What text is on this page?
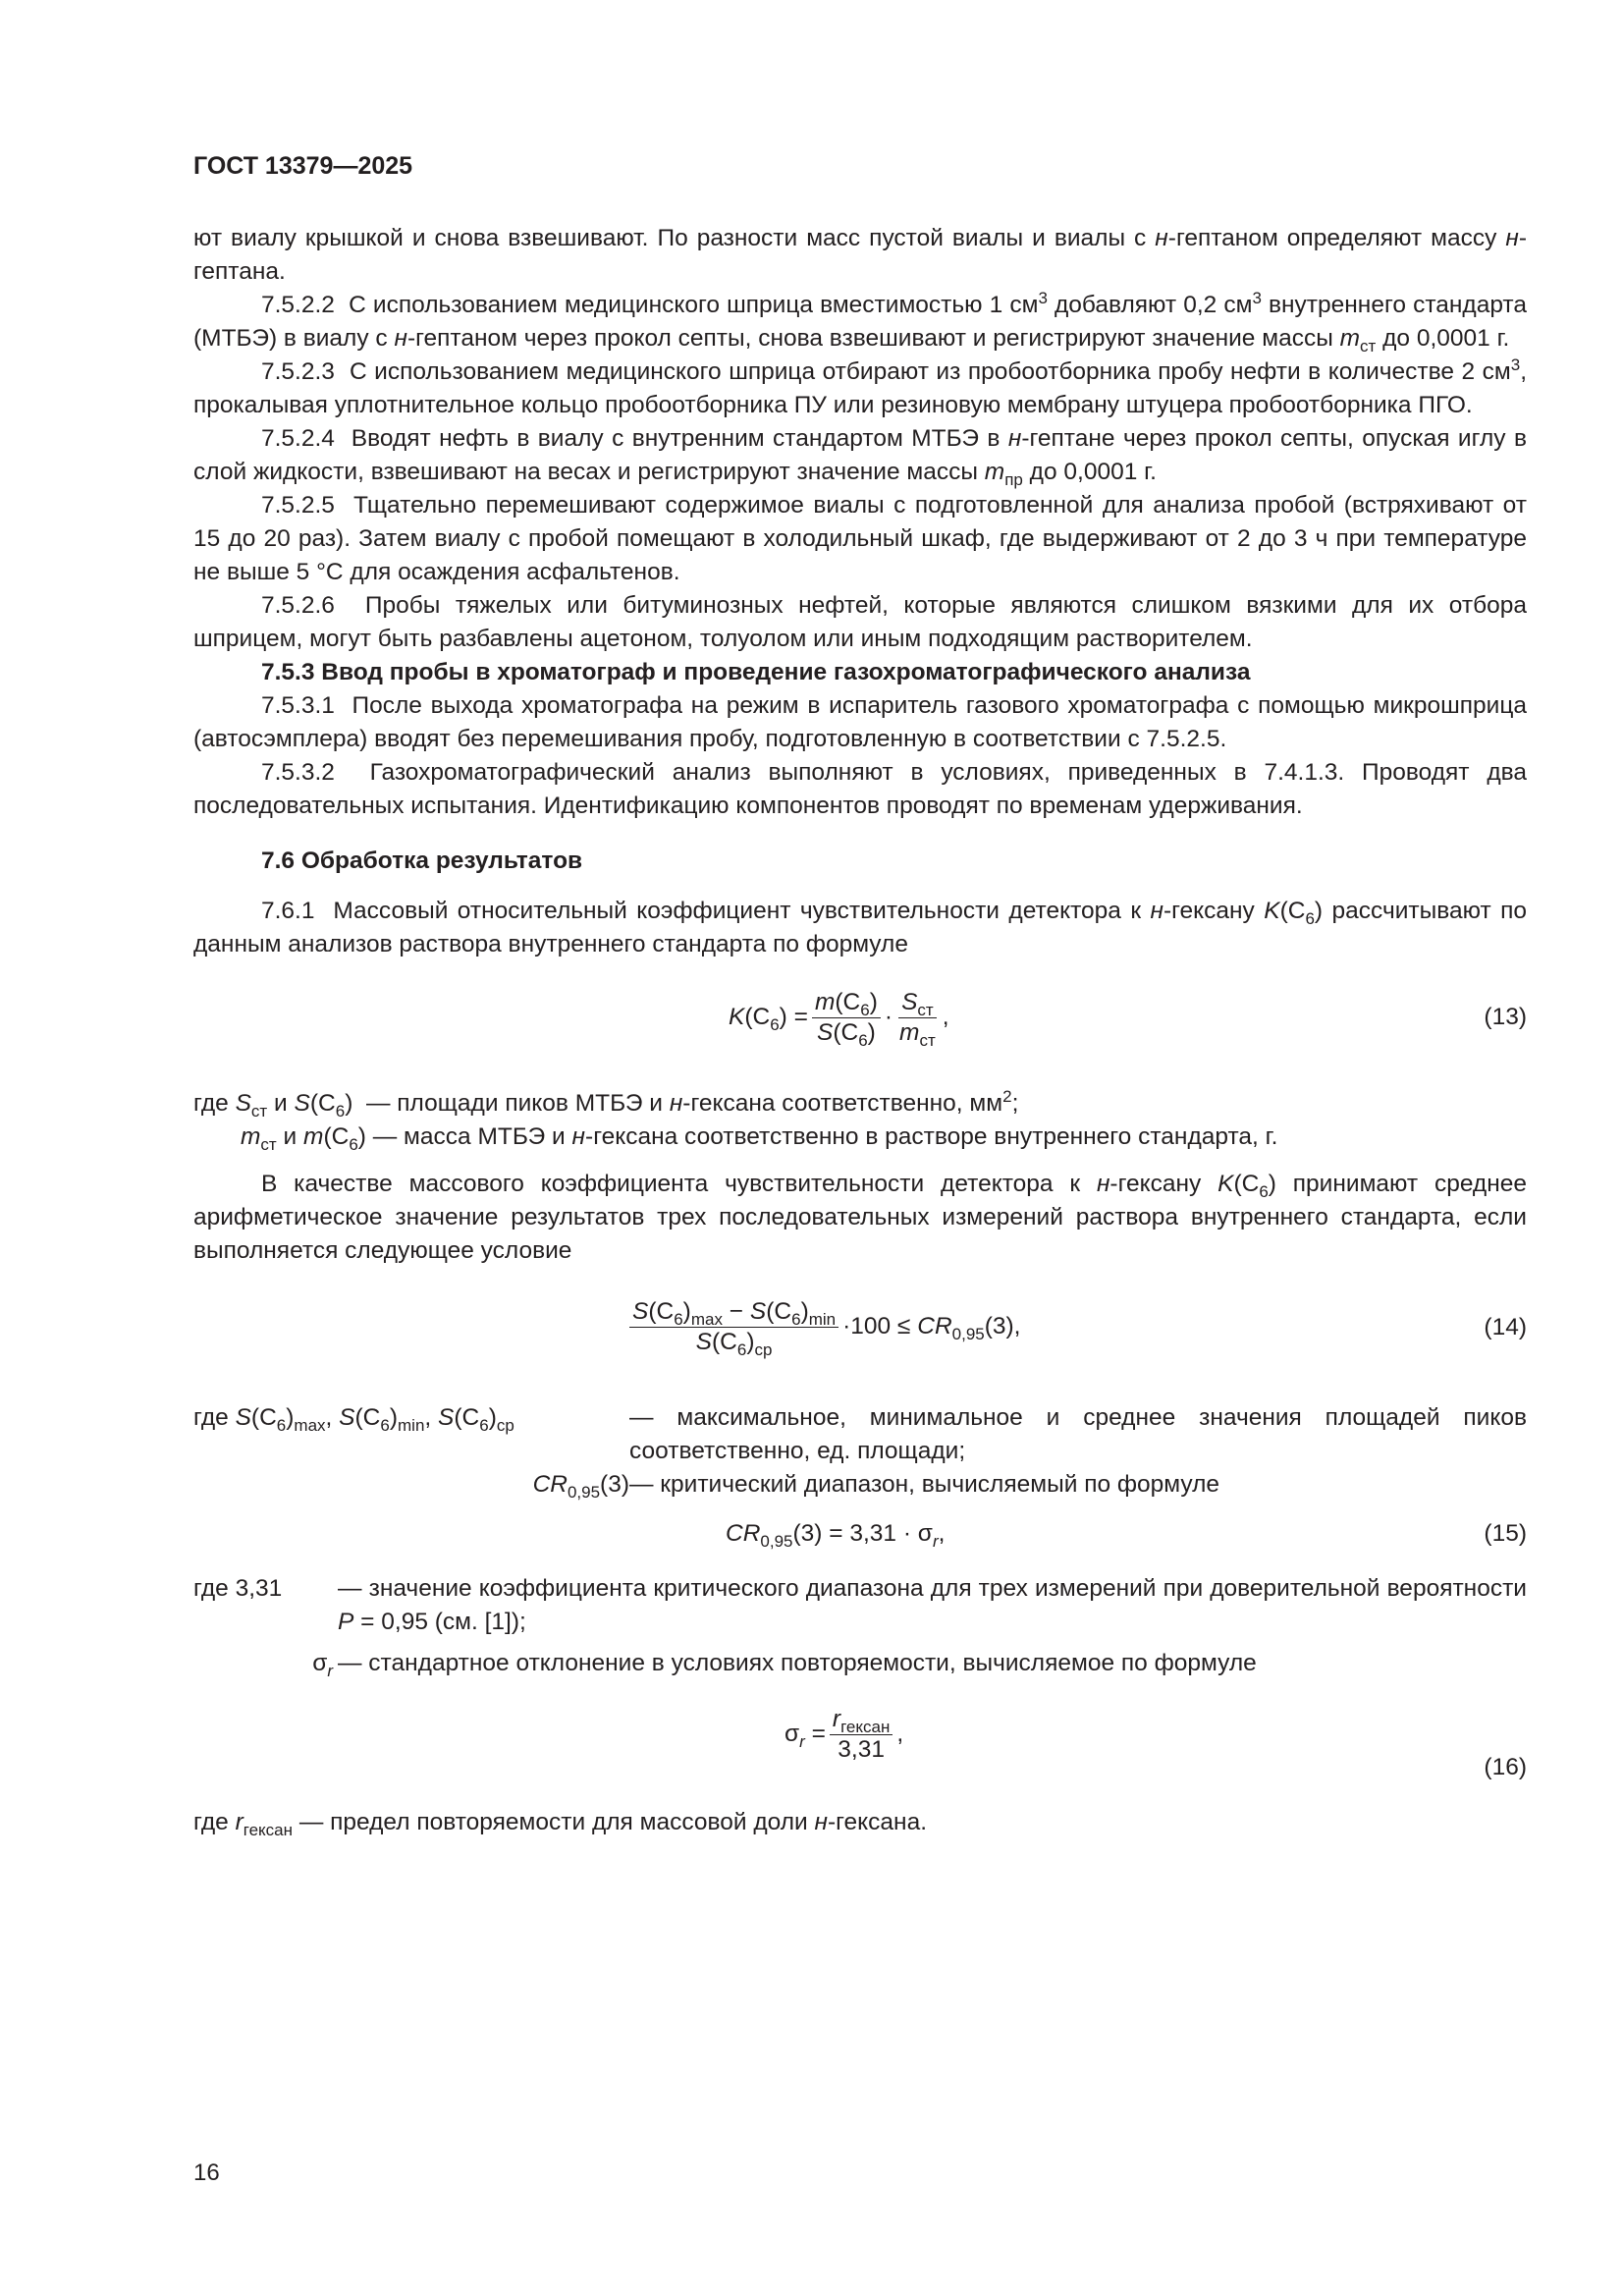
ГОСТ 13379—2025

ют виалу крышкой и снова взвешивают. По разности масс пустой виалы и виалы с н-гептаном определяют массу н-гептана.

7.5.2.2  С использованием медицинского шприца вместимостью 1 $см^3$ добавляют 0,2 $см^3$ внутреннего стандарта (МТБЭ) в виалу с н-гептаном через прокол септы, снова взвешивают и регистрируют значение массы $m_{ст}$ до 0,0001 г.

7.5.2.3  С использованием медицинского шприца отбирают из пробоотборника пробу нефти в количестве 2 $см^3$, прокалывая уплотнительное кольцо пробоотборника ПУ или резиновую мембрану штуцера пробоотборника ПГО.

7.5.2.4  Вводят нефть в виалу с внутренним стандартом МТБЭ в н-гептане через прокол септы, опуская иглу в слой жидкости, взвешивают на весах и регистрируют значение массы $m_{пр}$ до 0,0001 г.

7.5.2.5  Тщательно перемешивают содержимое виалы с подготовленной для анализа пробой (встряхивают от 15 до 20 раз). Затем виалу с пробой помещают в холодильный шкаф, где выдерживают от 2 до 3 ч при температуре не выше 5 °С для осаждения асфальтенов.

7.5.2.6  Пробы тяжелых или битуминозных нефтей, которые являются слишком вязкими для их отбора шприцем, могут быть разбавлены ацетоном, толуолом или иным подходящим растворителем.

7.5.3 Ввод пробы в хроматограф и проведение газохроматографического анализа

7.5.3.1 После выхода хроматографа на режим в испаритель газового хроматографа с помощью микрошприца (автосэмплера) вводят без перемешивания пробу, подготовленную в соответствии с 7.5.2.5.

7.5.3.2 Газохроматографический анализ выполняют в условиях, приведенных в 7.4.1.3. Проводят два последовательных испытания. Идентификацию компонентов проводят по временам удерживания.

7.6 Обработка результатов

7.6.1  Массовый относительный коэффициент чувствительности детектора к н-гексану $K(C_6)$ рассчитывают по данным анализов раствора внутреннего стандарта по формуле

$K(C_6) = \frac{m(C_6)}{S(C_6)} \cdot \frac{S_{ст}}{m_{ст}}$ ,	(13)
где $S_{ст}$ и $S(C_6)$ — площади пиков МТБЭ и н-гексана соответственно, $мм^2$;
$m_{ст}$ и $m(C_6)$ — масса МТБЭ и н-гексана соответственно в растворе внутреннего стандарта, г.

В качестве массового коэффициента чувствительности детектора к н-гексану $K(C_6)$ принимают среднее арифметическое значение результатов трех последовательных измерений раствора внутреннего стандарта, если выполняется следующее условие

$\frac{S(C_6)_{max} - S(C_6)_{min}}{S(C_6)_{ср}} \cdot 100 \le CR_{0,95}(3)$,	(14)
где $S(C_6)_{max}$, $S(C_6)_{min}$, $S(C_6)_{ср}$	— максимальное, минимальное и среднее значения площадей пиков соответственно, ед. площади;
$CR_{0,95}(3)$ — критический диапазон, вычисляемый по формуле
$CR_{0,95}(3) = 3,31 \cdot \sigma_r$,	(15)
где 3,31	— значение коэффициента критического диапазона для трех измерений при доверительной вероятности P = 0,95 (см. [1]);
$\sigma_r$ — стандартное отклонение в условиях повторяемости, вычисляемое по формуле
$\sigma_r = \frac{r_{гексан}}{3,31}$ ,
(16)
где $r_{гексан}$ — предел повторяемости для массовой доли н-гексана.
16
